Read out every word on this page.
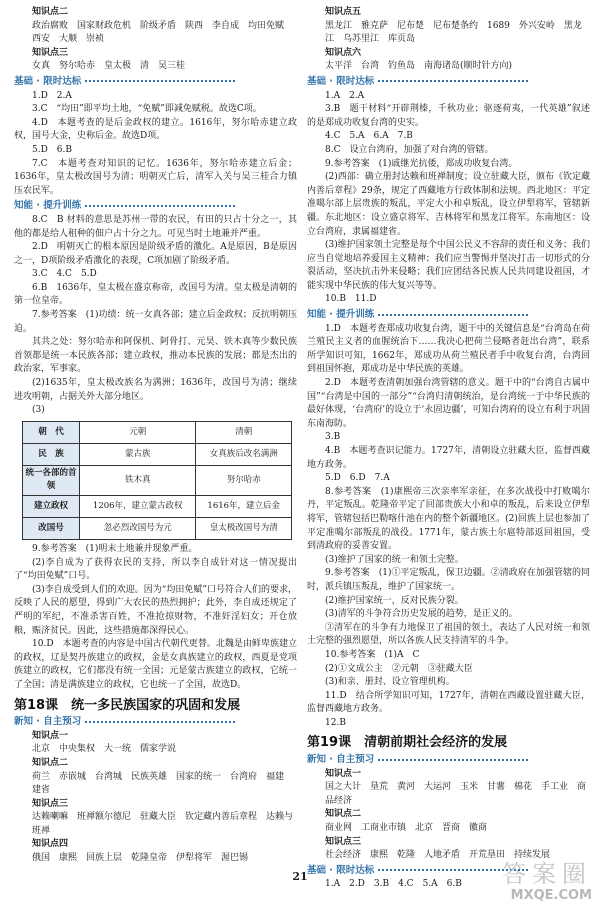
知识点二
政治腐败　国家财政危机　阶级矛盾　陕西　李自成　均田免赋　西安　大顺　崇祯
知识点三
女真　努尔哈赤　皇太极　清　吴三桂
基础 · 限时达标
1.D　2.A
3.C　“均田”即平均土地，“免赋”即减免赋税。故选C项。
4.D　本题考查的是后金政权的建立。1616年，努尔哈赤建立政权，国号大金，史称后金。故选D项。
5.D　6.B
7.C　本题考查对知识的记忆。1636年，努尔哈赤建立后金；1636年，皇太极改国号为清；明朝灭亡后，清军入关与吴三桂合力镇压农民军。
知能 · 提升训练
8.C　B 材料的意思是苏州一带的农民，有田的只占十分之一，其他的都是给人租种的佃户占十分之九。可见当时土地兼并严重。
2.D　明朝灭亡的根本原因是阶级矛盾的激化。A是原因，B是原因之一，D项阶级矛盾激化的表现，C项加剧了阶级矛盾。
3.C　4.C　5.D
6.B　1636年，皇太极在盛京称帝，改国号为清。皇太极是清朝的第一位皇帝。
7.参考答案　(1)功绩：统一女真各部；建立后金政权；反抗明朝压迫。
其共之处：努尔哈赤和阿保机、阿骨打、元昊、铁木真等少数民族首领都是统一本民族各部；建立政权，推动本民族的发展；都是杰出的政治家，军事家。
(2)1635年，皇太极改族名为满洲；1636年，改国号为清；继续进攻明朝，占据关外大部分地区。
(3)
朝　代	元朝	清朝
民　族	蒙古族	女真族后改名满洲
统一各部的首领	铁木真	努尔哈赤
建立政权	1206年，建立蒙古政权	1616年，建立后金
改国号	忽必烈改国号为元	皇太极改国号为清
9.参考答案　(1)明末土地兼并现象严重。
(2)李自成为了获得农民的支持，所以李自成针对这一情况提出了“均田免赋”口号。
(3)李自成受到人们的欢迎。因为“均田免赋”口号符合人们的要求，反映了人民的愿望，得到广大农民的热烈拥护；此外，李自成还规定了严明的军纪，不准杀害百姓，不准抢掠财物，不准奸淫妇女；开仓放粮，赈济贫民。因此，这些措施都深得民心。
10.D　本题考查的内容是中国古代朝代更替。北魏是由鲜卑族建立的政权，辽是契丹族建立的政权，金是女真族建立的政权，西夏是党项族建立的政权，它们都没有统一全国；元是蒙古族建立的政权，它统一了全国；清是满族建立的政权，它也统一了全国，故选D。
第18课　统一多民族国家的巩固和发展
新知 · 自主预习
知识点一
北京　中央集权　大一统　儒家学说
知识点二
荷兰　赤嵌城　台湾城　民族英雄　国家的统一　台湾府　福建　建省
知识点三
达赖喇嘛　班禅额尔德尼　驻藏大臣　钦定藏内善后章程　达赖与班禅
知识点四
俄国　康熙　回族上层　乾隆皇帝　伊犁将军　渥巴锡
知识点五
黑龙江　雅克萨　尼布楚　尼布楚条约　1689　外兴安岭　黑龙江　乌苏里江　库页岛
知识点六
太平洋　台湾　钓鱼岛　南海诸岛(顺时针方向)
基础 · 限时达标
1.A　2.A
3.B　题干材料“开辟荆榛，千秋功业；驱逐荷夷，一代英雄”叙述的是郑成功收复台湾的史实。
4.C　5.A　6.A　7.B
8.C　设立台湾府，加强了对台湾的管辖。
9.参考答案　(1)戚继光抗倭，郑成功收复台湾。
(2)西部：确立册封达赖和班禅制度；设立驻藏大臣，颁布《钦定藏内善后章程》29条，规定了西藏地方行政体制和法规。西北地区：平定准噶尔部上层贵族的叛乱，平定大小和卓叛乱，设立伊犁将军，管辖新疆。东北地区：设立盛京将军、吉林将军和黑龙江将军。东南地区：设立台湾府，隶属福建省。
(3)维护国家领土完整是每个中国公民义不容辞的责任和义务；我们应当自觉地培养爱国主义精神；我们应当警惕并坚决打击一切形式的分裂活动，坚决抗击外来侵略；我们应团结各民族人民共同建设祖国，才能实现中华民族的伟大复兴等等。
10.B　11.D
知能 · 提升训练
1.D　本题考查郑成功收复台湾，题干中的关键信息是“台湾岛在荷兰殖民主义者的血腥统治下……我决心把荷兰侵略者赶出台湾”，联系所学知识可知，1662年，郑成功从荷兰殖民者手中收复台湾，台湾回到祖国怀抱，郑成功是中华民族的英雄。
2.D　本题考查清朝加强台湾管辖的意义。题干中的“台湾自古属中国”“台湾是中国的一部分”“台湾归清朝统治，是台湾统一于中华民族的最好体现，‘台湾府’的设立于‘永固边疆’，可知台湾府的设立有利于巩固东南海防。
3.B
4.B　本题考查识记能力。1727年，清朝设立驻藏大臣，监督西藏地方政务。
5.D　6.D　7.A
8.参考答案　(1)康熙帝三次亲率军亲征，在多次战役中打败噶尔丹，平定叛乱。乾隆帝平定了回部贵族大小和卓的叛乱，后来设立伊犁将军，管辖包括巴勒喀什池在内的整个新疆地区。(2)回族上层也参加了平定准噶尔部叛乱的战役。1771年，蒙古族土尔扈特部返回祖国，受到清政府的妥善安置。
(3)维护了国家的统一和领土完整。
9.参考答案　(1)①平定叛乱，保卫边疆。②清政府在加强管辖的同时，派兵镇压叛乱，维护了国家统一。
(2)维护国家统一，反对民族分裂。
(3)清军的斗争符合历史发展的趋势，是正义的。
③清军在的斗争有力地保卫了祖国的领土，表达了人民对统一和领土完整的强烈愿望，所以各族人民支持清军的斗争。
10.参考答案　(1)A　C
(2)①文成公主　②元朝　③驻藏大臣
(3)和亲、册封、设立管理机构。
11.D　结合所学知识可知，1727年，清朝在西藏设置驻藏大臣，监督西藏地方政务。
12.B
第19课　清朝前期社会经济的发展
新知 · 自主预习
知识点一
国之大计　垦荒　黄河　大运河　玉米　甘薯　棉花　手工业　商品经济
知识点二
商业网　工商业市镇　北京　晋商　徽商
知识点三
社会经济　康熙　乾隆　人地矛盾　开荒垦田　持续发展
基础 · 限时达标
1.A　2.D　3.B　4.C　5.A　6.B
21	答案圈
MXQE.COM
